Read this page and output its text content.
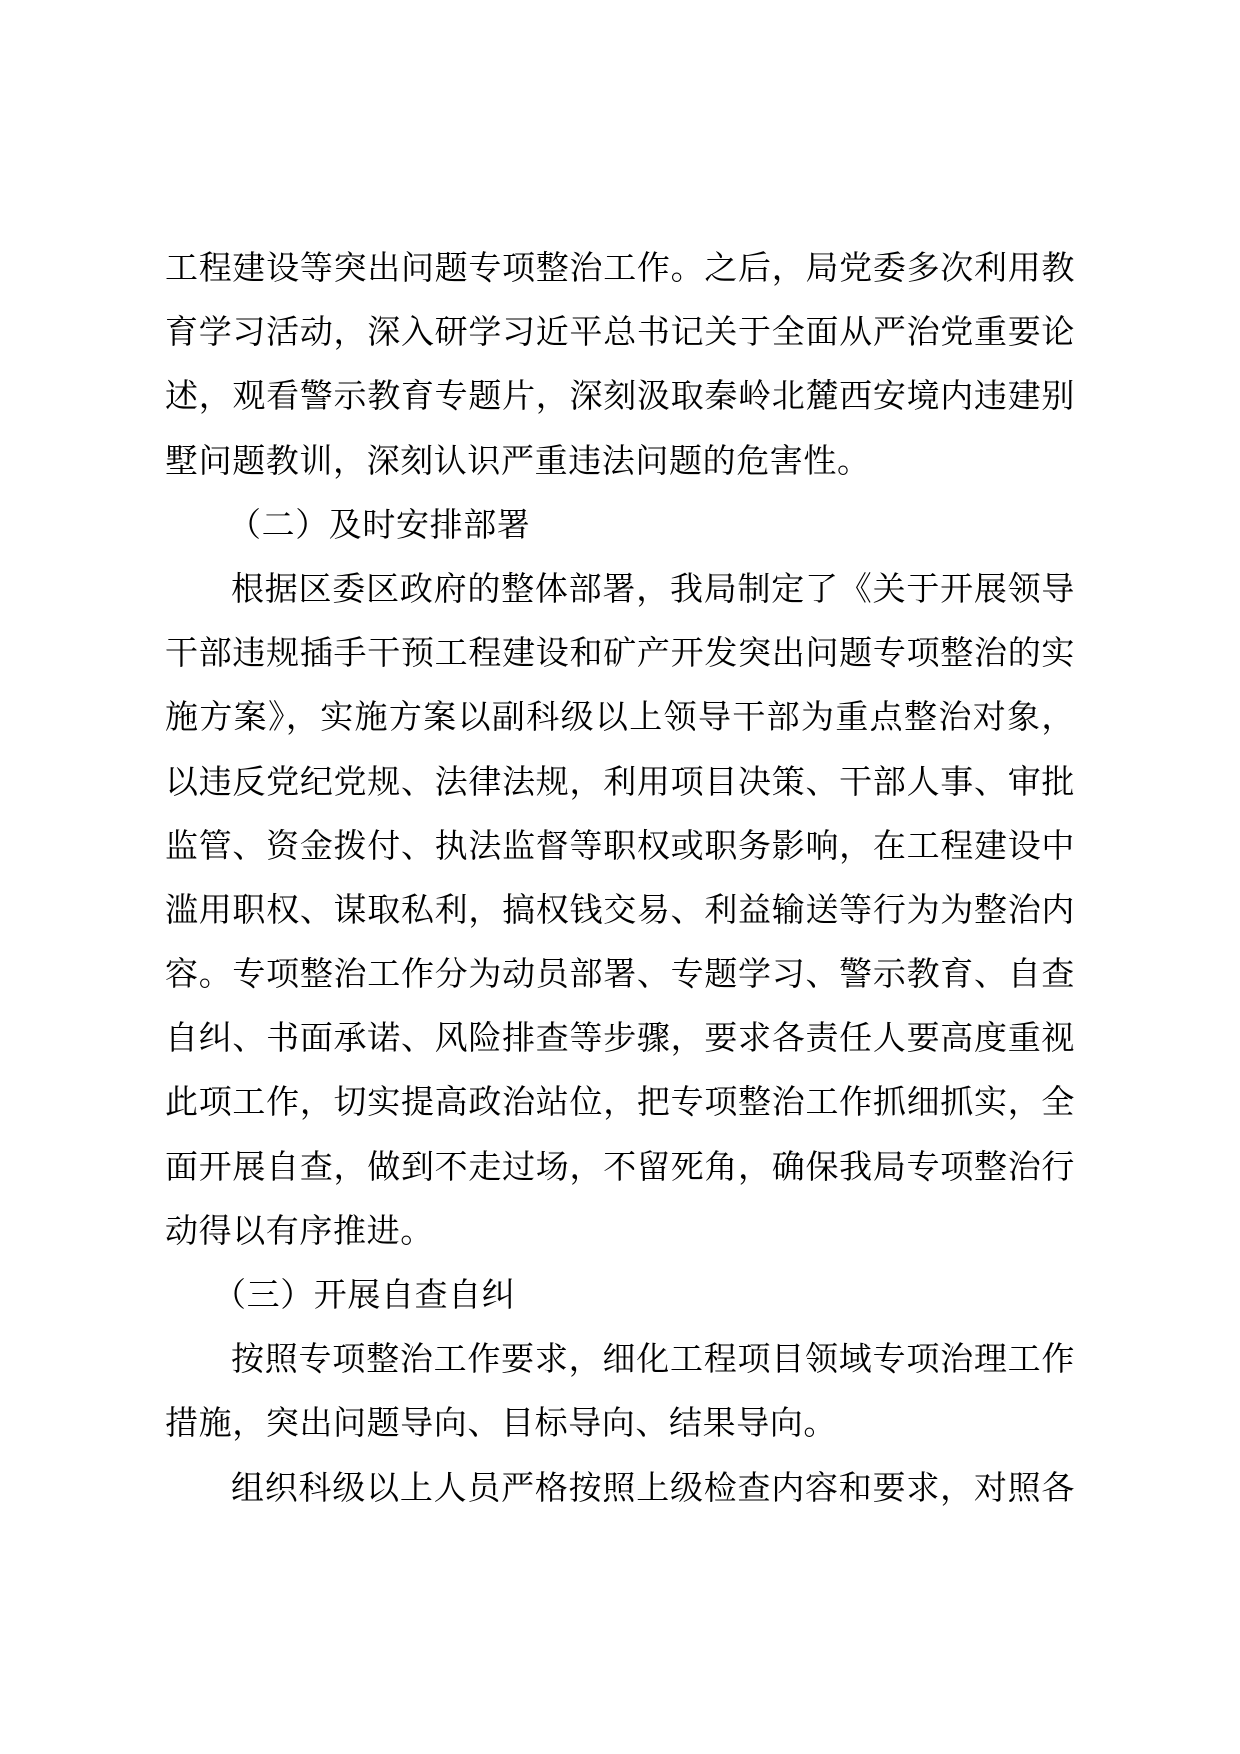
工程建设等突出问题专项整治工作。之后，局党委多次利用教
育学习活动，深入研学习近平总书记关于全面从严治党重要论
述，观看警示教育专题片，深刻汲取秦岭北麓西安境内违建别
墅问题教训，深刻认识严重违法问题的危害性。
（二）及时安排部署
根据区委区政府的整体部署，我局制定了《关于开展领导
干部违规插手干预工程建设和矿产开发突出问题专项整治的实
施方案》，实施方案以副科级以上领导干部为重点整治对象，
以违反党纪党规、法律法规，利用项目决策、干部人事、审批
监管、资金拨付、执法监督等职权或职务影响，在工程建设中
滥用职权、谋取私利，搞权钱交易、利益输送等行为为整治内
容。专项整治工作分为动员部署、专题学习、警示教育、自查
自纠、书面承诺、风险排查等步骤，要求各责任人要高度重视
此项工作，切实提高政治站位，把专项整治工作抓细抓实，全
面开展自查，做到不走过场，不留死角，确保我局专项整治行
动得以有序推进。
（三）开展自查自纠
按照专项整治工作要求，细化工程项目领域专项治理工作
措施，突出问题导向、目标导向、结果导向。
组织科级以上人员严格按照上级检查内容和要求，对照各
